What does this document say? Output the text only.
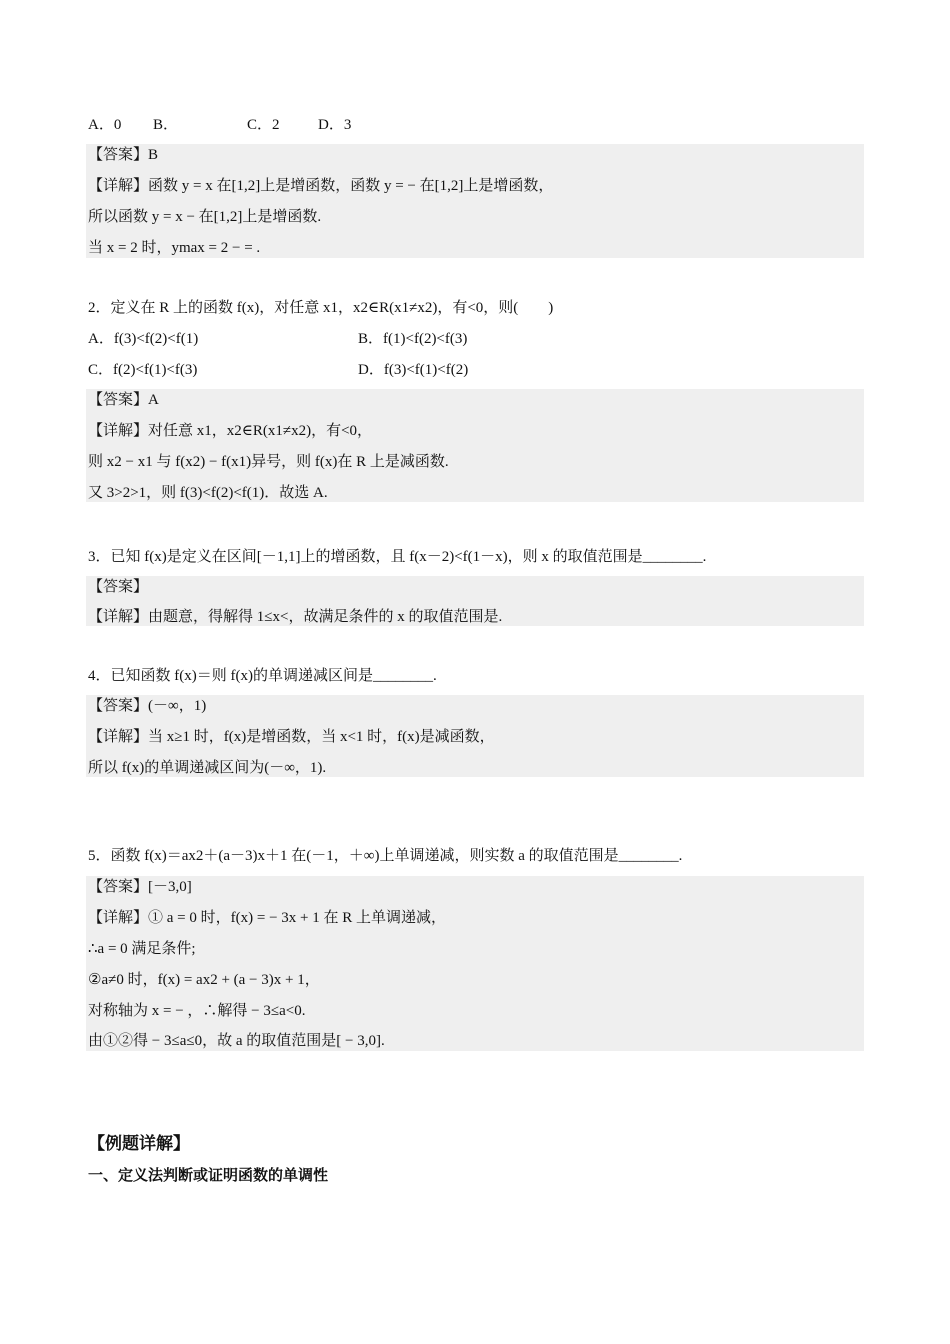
A．0 B．	C．2	D．3
【答案】B
【详解】函数 y = x 在[1,2]上是增函数，函数 y = − 在[1,2]上是增函数，
所以函数 y = x − 在[1,2]上是增函数.
当 x = 2 时，ymax = 2 − = .
2．定义在 R 上的函数 f(x)，对任意 x1，x2∈R(x1≠x2)，有<0，则(　　)
A．f(3)<f(2)<f(1)	B．f(1)<f(2)<f(3)
C．f(2)<f(1)<f(3)	D．f(3)<f(1)<f(2)
【答案】A
【详解】对任意 x1，x2∈R(x1≠x2)，有<0，
则 x2 − x1 与 f(x2) − f(x1)异号，则 f(x)在 R 上是减函数.
又 3>2>1，则 f(3)<f(2)<f(1)．故选 A.
3．已知 f(x)是定义在区间[－1,1]上的增函数，且 f(x－2)<f(1－x)，则 x 的取值范围是________.
【答案】
【详解】由题意，得解得 1≤x<，故满足条件的 x 的取值范围是.
4．已知函数 f(x)＝则 f(x)的单调递减区间是________.
【答案】(－∞，1)
【详解】当 x≥1 时，f(x)是增函数，当 x<1 时，f(x)是减函数，
所以 f(x)的单调递减区间为(－∞，1).
5．函数 f(x)＝ax2＋(a－3)x＋1 在(－1，＋∞)上单调递减，则实数 a 的取值范围是________.
【答案】[－3,0]
【详解】① a = 0 时，f(x) = − 3x + 1 在 R 上单调递减，
∴a = 0 满足条件;
②a≠0 时，f(x) = ax2 + (a − 3)x + 1，
对称轴为 x = − ，∴解得 − 3≤a<0.
由①②得 − 3≤a≤0，故 a 的取值范围是[ − 3,0].
【例题详解】
一、定义法判断或证明函数的单调性
